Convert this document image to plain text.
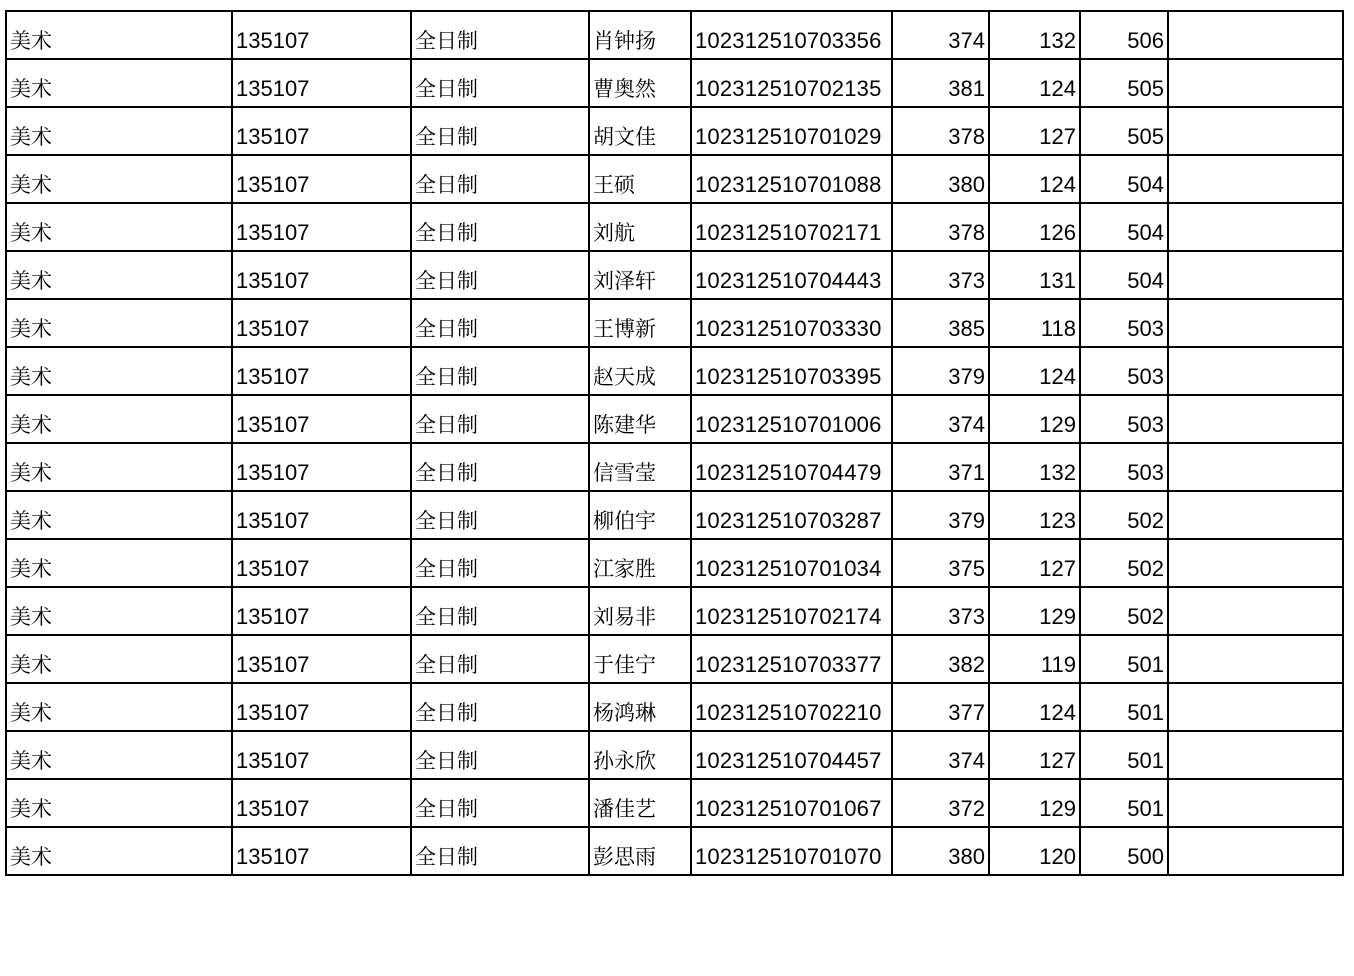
美术	135107	全日制	肖钟扬	102312510703356	374	132	506	

美术	135107	全日制	曹奥然	102312510702135	381	124	505	

美术	135107	全日制	胡文佳	102312510701029	378	127	505	

美术	135107	全日制	王硕	102312510701088	380	124	504	

美术	135107	全日制	刘航	102312510702171	378	126	504	

美术	135107	全日制	刘泽轩	102312510704443	373	131	504	

美术	135107	全日制	王博新	102312510703330	385	118	503	

美术	135107	全日制	赵天成	102312510703395	379	124	503	

美术	135107	全日制	陈建华	102312510701006	374	129	503	

美术	135107	全日制	信雪莹	102312510704479	371	132	503	

美术	135107	全日制	柳伯宇	102312510703287	379	123	502	

美术	135107	全日制	江家胜	102312510701034	375	127	502	

美术	135107	全日制	刘易非	102312510702174	373	129	502	

美术	135107	全日制	于佳宁	102312510703377	382	119	501	

美术	135107	全日制	杨鸿琳	102312510702210	377	124	501	

美术	135107	全日制	孙永欣	102312510704457	374	127	501	

美术	135107	全日制	潘佳艺	102312510701067	372	129	501	

美术	135107	全日制	彭思雨	102312510701070	380	120	500	
